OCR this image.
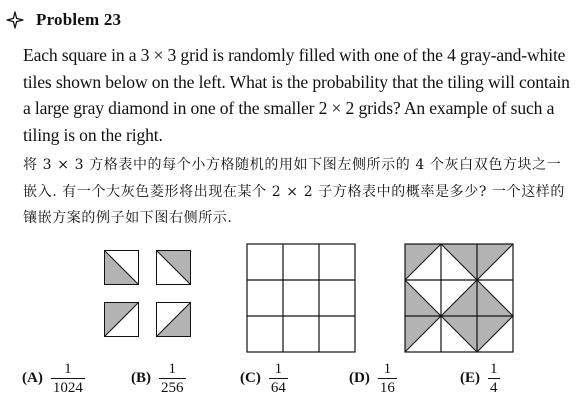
Problem 23
Each square in a 3 × 3 grid is randomly filled with one of the 4 gray-and-white tiles shown below on the left. What is the probability that the tiling will contain a large gray diamond in one of the smaller 2 × 2 grids? An example of such a tiling is on the right.
将 3 × 3 方格表中的每个小方格随机的用如下图左侧所示的 4 个灰白双色方块之一嵌入. 有一个大灰色菱形将出现在某个 2 × 2 子方格表中的概率是多少? 一个这样的镶嵌方案的例子如下图右侧所示.
$(A) \frac{1}{1024}$	$(B) \frac{1}{256}$	$(C) \frac{1}{64}$	$(D) \frac{1}{16}$	$(E) \frac{1}{4}$
